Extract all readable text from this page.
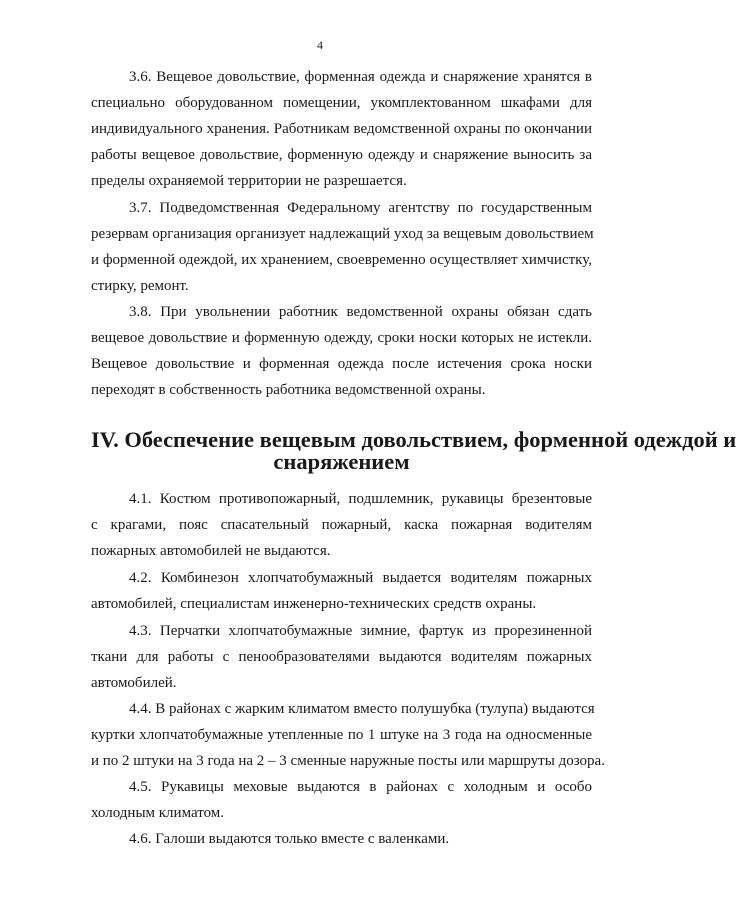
4

3.6. Вещевое довольствие, форменная одежда и снаряжение хранятся в
специально оборудованном помещении, укомплектованном шкафами для
индивидуального хранения. Работникам ведомственной охраны по окончании
работы вещевое довольствие, форменную одежду и снаряжение выносить за
пределы охраняемой территории не разрешается.

3.7. Подведомственная Федеральному агентству по государственным
резервам организация организует надлежащий уход за вещевым довольствием
и форменной одеждой, их хранением, своевременно осуществляет химчистку,
стирку, ремонт.

3.8. При увольнении работник ведомственной охраны обязан сдать
вещевое довольствие и форменную одежду, сроки носки которых не истекли.
Вещевое довольствие и форменная одежда после истечения срока носки
переходят в собственность работника ведомственной охраны.

IV. Обеспечение вещевым довольствием, форменной одеждой и
снаряжением

4.1. Костюм противопожарный, подшлемник, рукавицы брезентовые
с крагами, пояс спасательный пожарный, каска пожарная водителям
пожарных автомобилей не выдаются.

4.2. Комбинезон хлопчатобумажный выдается водителям пожарных
автомобилей, специалистам инженерно-технических средств охраны.

4.3. Перчатки хлопчатобумажные зимние, фартук из прорезиненной
ткани для работы с пенообразователями выдаются водителям пожарных
автомобилей.

4.4. В районах с жарким климатом вместо полушубка (тулупа) выдаются
куртки хлопчатобумажные утепленные по 1 штуке на 3 года на односменные
и по 2 штуки на 3 года на 2 – 3 сменные наружные посты или маршруты дозора.

4.5. Рукавицы меховые выдаются в районах с холодным и особо
холодным климатом.

4.6. Галоши выдаются только вместе с валенками.
